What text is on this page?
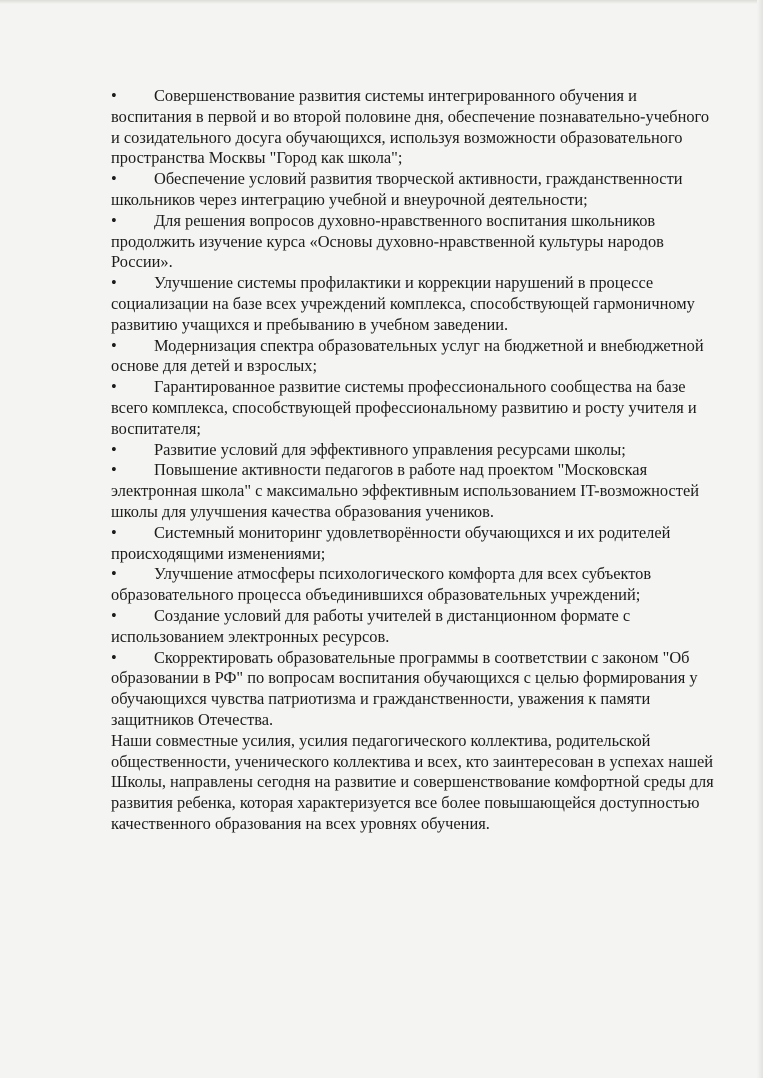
• Совершенствование развития системы интегрированного обучения и воспитания в первой и во второй половине дня, обеспечение познавательно-учебного и созидательного досуга обучающихся, используя возможности образовательного пространства Москвы "Город как школа";

• Обеспечение условий развития творческой активности, гражданственности школьников через интеграцию учебной и внеурочной деятельности;

• Для решения вопросов духовно-нравственного воспитания школьников продолжить изучение курса «Основы духовно-нравственной культуры народов России».

• Улучшение системы профилактики и коррекции нарушений в процессе социализации на базе всех учреждений комплекса, способствующей гармоничному развитию учащихся и пребыванию в учебном заведении.

• Модернизация спектра образовательных услуг на бюджетной и внебюджетной основе для детей и взрослых;

• Гарантированное развитие системы профессионального сообщества на базе всего комплекса, способствующей профессиональному развитию и росту учителя и воспитателя;

• Развитие условий для эффективного управления ресурсами школы;

• Повышение активности педагогов в работе над проектом "Московская электронная школа" с максимально эффективным использованием IT-возможностей школы для улучшения качества образования учеников.

• Системный мониторинг удовлетворённости обучающихся и их родителей происходящими изменениями;

• Улучшение атмосферы психологического комфорта для всех субъектов образовательного процесса объединившихся образовательных учреждений;

• Создание условий для работы учителей в дистанционном формате с использованием электронных ресурсов.

• Скорректировать образовательные программы в соответствии с законом "Об образовании в РФ" по вопросам воспитания обучающихся с целью формирования у обучающихся чувства патриотизма и гражданственности, уважения к памяти защитников Отечества.

Наши совместные усилия, усилия педагогического коллектива, родительской общественности, ученического коллектива и всех, кто заинтересован в успехах нашей Школы, направлены сегодня на развитие и совершенствование комфортной среды для развития ребенка, которая характеризуется все более повышающейся доступностью качественного образования на всех уровнях обучения.
